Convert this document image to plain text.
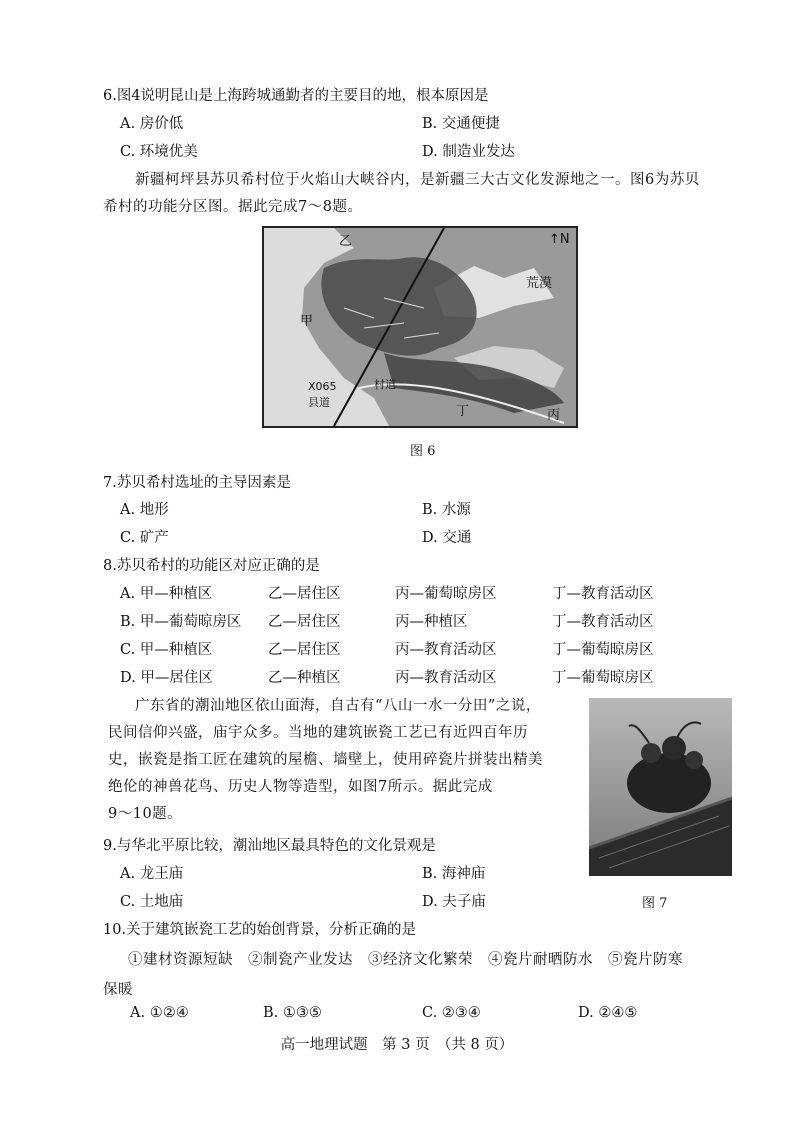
6.图4说明昆山是上海跨城通勤者的主要目的地，根本原因是
A. 房价低	B. 交通便捷
C. 环境优美	D. 制造业发达
新疆柯坪县苏贝希村位于火焰山大峡谷内，是新疆三大古文化发源地之一。图6为苏贝
希村的功能分区图。据此完成7～8题。
↑N
乙
荒漠
甲
X065
县道
村道
丁	丙
图 6
7.苏贝希村选址的主导因素是
A. 地形	B. 水源
C. 矿产	D. 交通
8.苏贝希村的功能区对应正确的是
A. 甲—种植区	乙—居住区	丙—葡萄晾房区	丁—教育活动区
B. 甲—葡萄晾房区 乙—居住区	丙—种植区	丁—教育活动区
C. 甲—种植区	乙—居住区	丙—教育活动区	丁—葡萄晾房区
D. 甲—居住区	乙—种植区	丙—教育活动区	丁—葡萄晾房区
广东省的潮汕地区依山面海，自古有“八山一水一分田”之说，
民间信仰兴盛，庙宇众多。当地的建筑嵌瓷工艺已有近四百年历
史，嵌瓷是指工匠在建筑的屋檐、墙壁上，使用碎瓷片拼装出精美
绝伦的神兽花鸟、历史人物等造型，如图7所示。据此完成
9～10题。
9.与华北平原比较，潮汕地区最具特色的文化景观是
A. 龙王庙	B. 海神庙
C. 土地庙	D. 夫子庙	图 7
10.关于建筑嵌瓷工艺的始创背景，分析正确的是
①建材资源短缺　②制瓷产业发达　③经济文化繁荣　④瓷片耐晒防水　⑤瓷片防寒
保暖
A. ①②④	B. ①③⑤	C. ②③④	D. ②④⑤
高一地理试题　第 3 页　（共 8 页）
